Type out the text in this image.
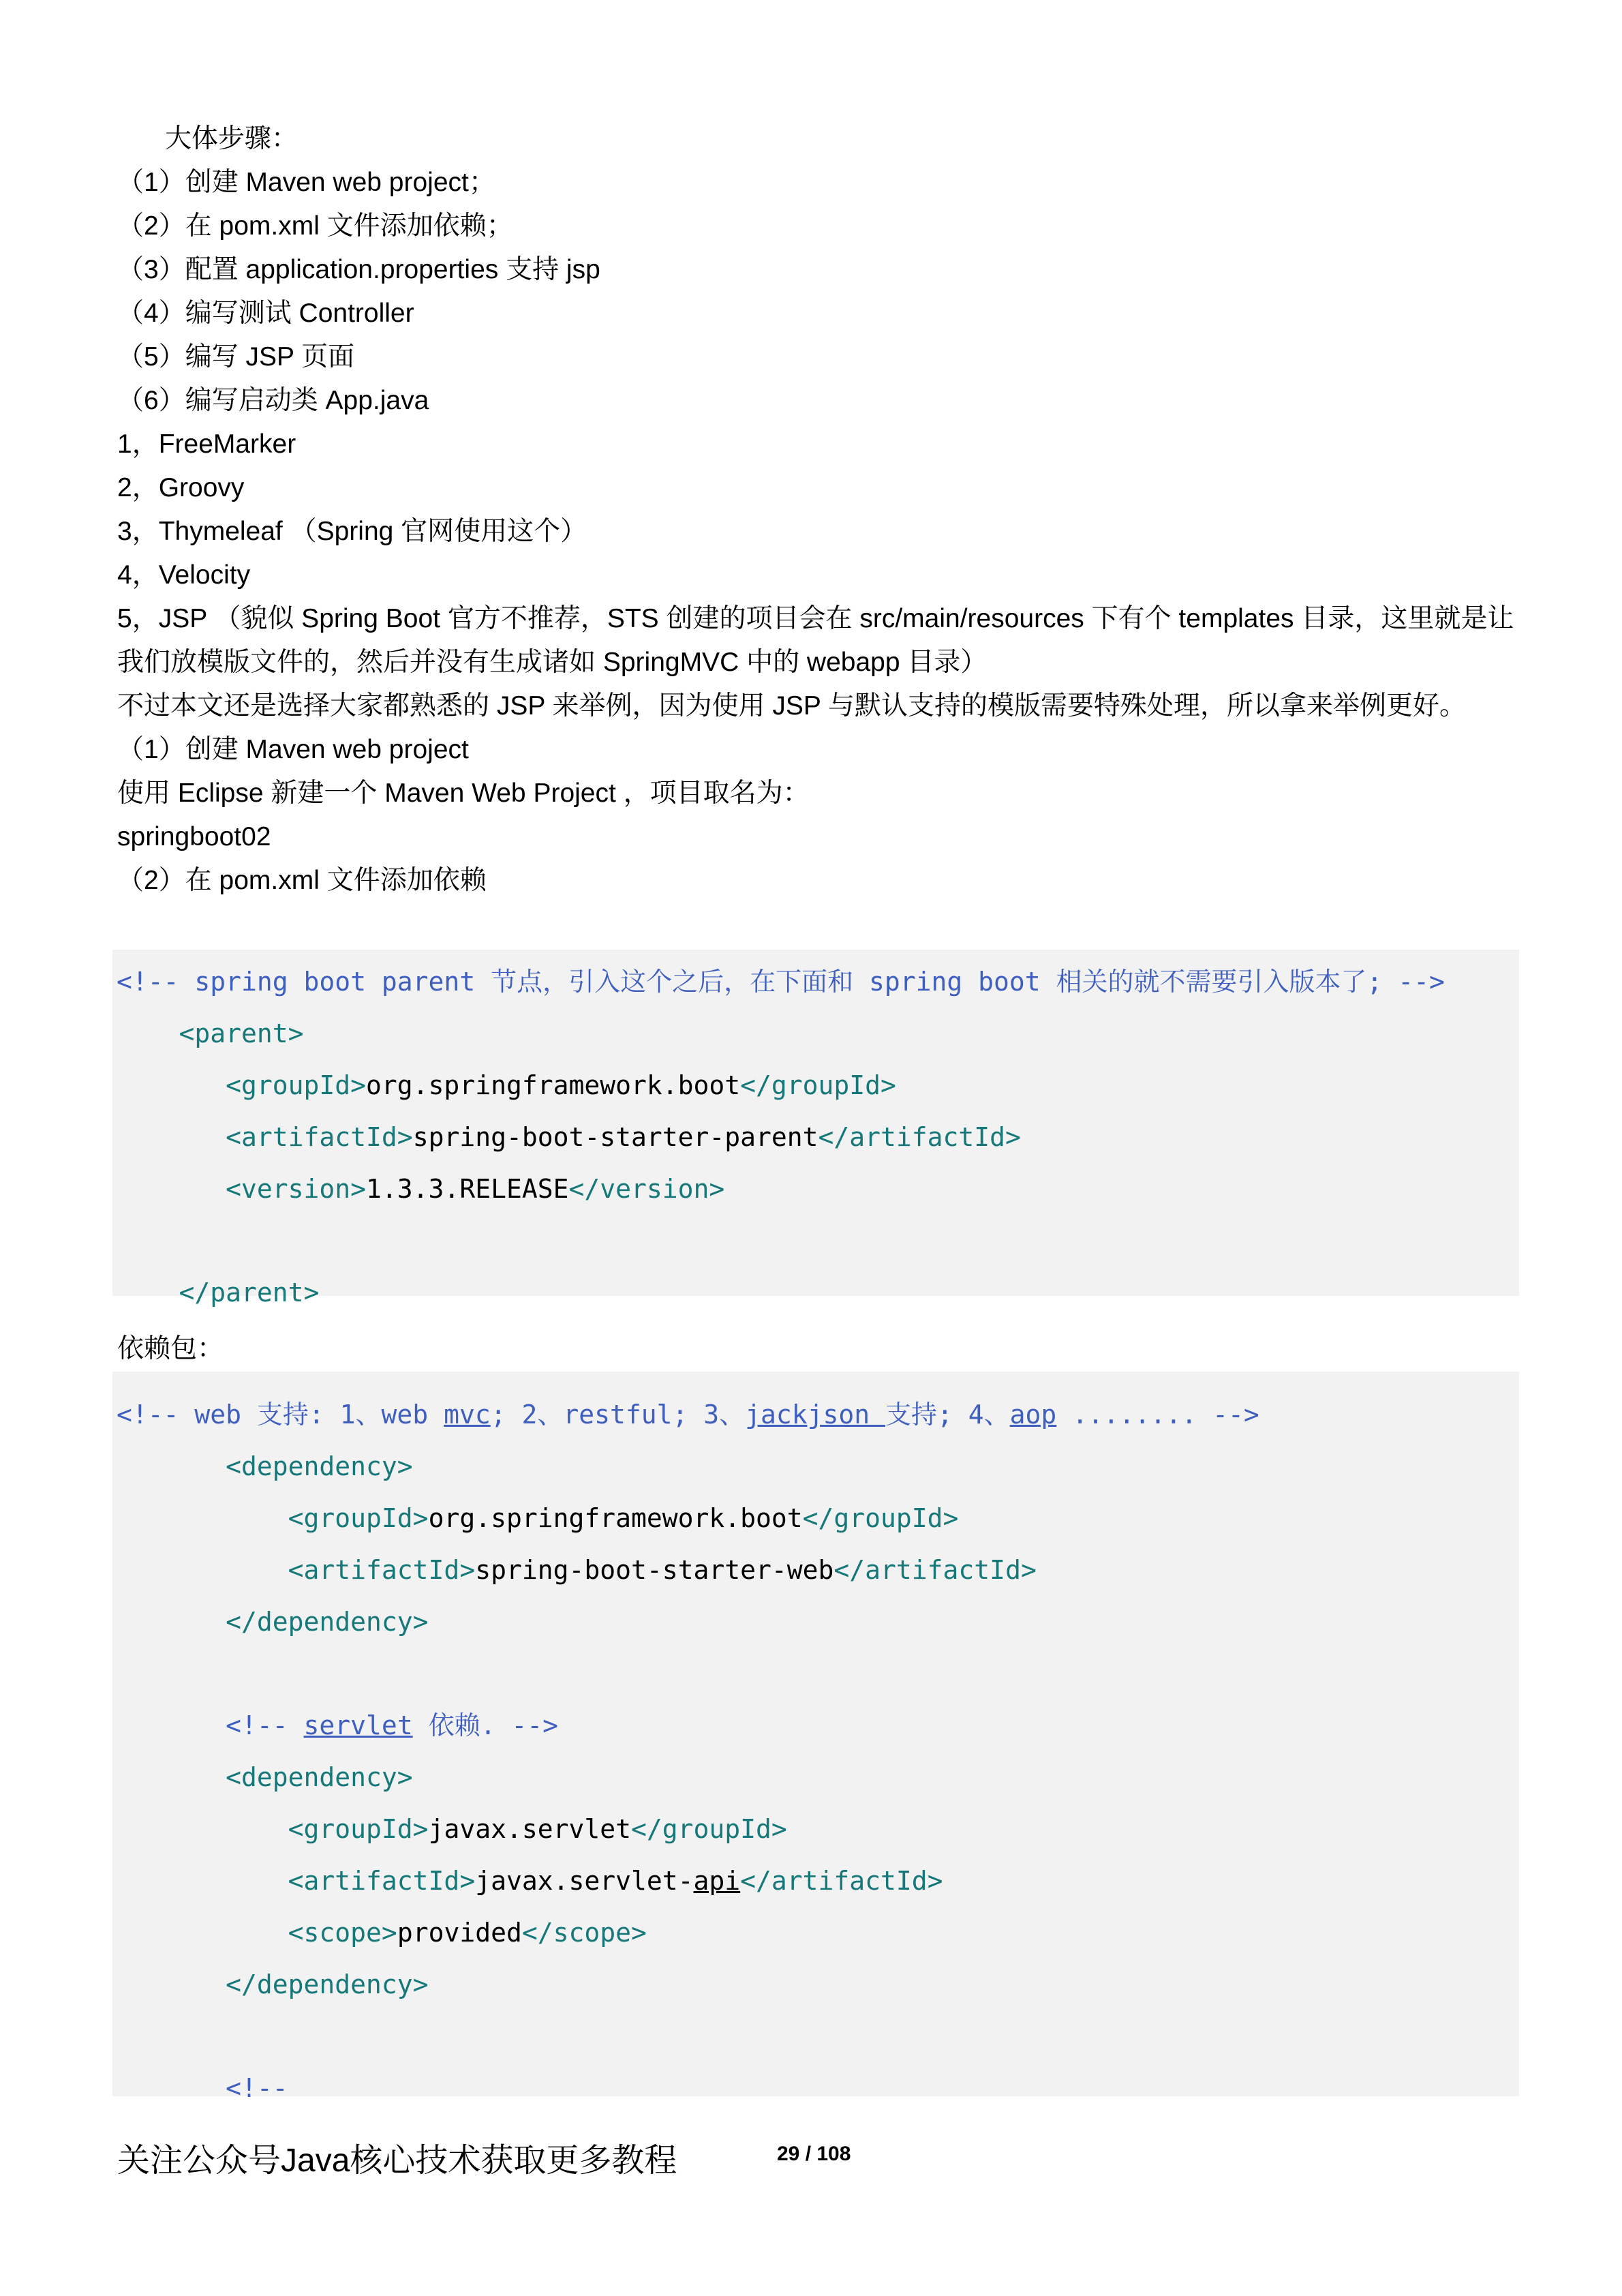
大体步骤：

（1）创建 Maven web project；

（2）在 pom.xml 文件添加依赖；

（3）配置 application.properties 支持 jsp

（4）编写测试 Controller

（5）编写 JSP 页面

（6）编写启动类 App.java

1，FreeMarker

2，Groovy

3，Thymeleaf （Spring 官网使用这个）

4，Velocity

5，JSP （貌似 Spring Boot 官方不推荐，STS 创建的项目会在 src/main/resources 下有个 templates 目录，这里就是让我们放模版文件的，然后并没有生成诸如 SpringMVC 中的 webapp 目录）

不过本文还是选择大家都熟悉的 JSP 来举例，因为使用 JSP 与默认支持的模版需要特殊处理，所以拿来举例更好。

（1）创建 Maven web project

使用 Eclipse 新建一个 Maven Web Project ，项目取名为：

springboot02

（2）在 pom.xml 文件添加依赖

<!-- spring boot parent 节点，引入这个之后，在下面和 spring boot 相关的就不需要引入版本了; -->
<parent>
<groupId>org.springframework.boot</groupId>
<artifactId>spring-boot-starter-parent</artifactId>
<version>1.3.3.RELEASE</version>
</parent>
依赖包：
<!-- web 支持: 1、web mvc; 2、restful; 3、jackjson 支持; 4、aop ........ -->
<dependency>
<groupId>org.springframework.boot</groupId>
<artifactId>spring-boot-starter-web</artifactId>
</dependency>
<!-- servlet 依赖. -->
<dependency>
<groupId>javax.servlet</groupId>
<artifactId>javax.servlet-api</artifactId>
<scope>provided</scope>
</dependency>
<!--
关注公众号Java核心技术获取更多教程	29 / 108
